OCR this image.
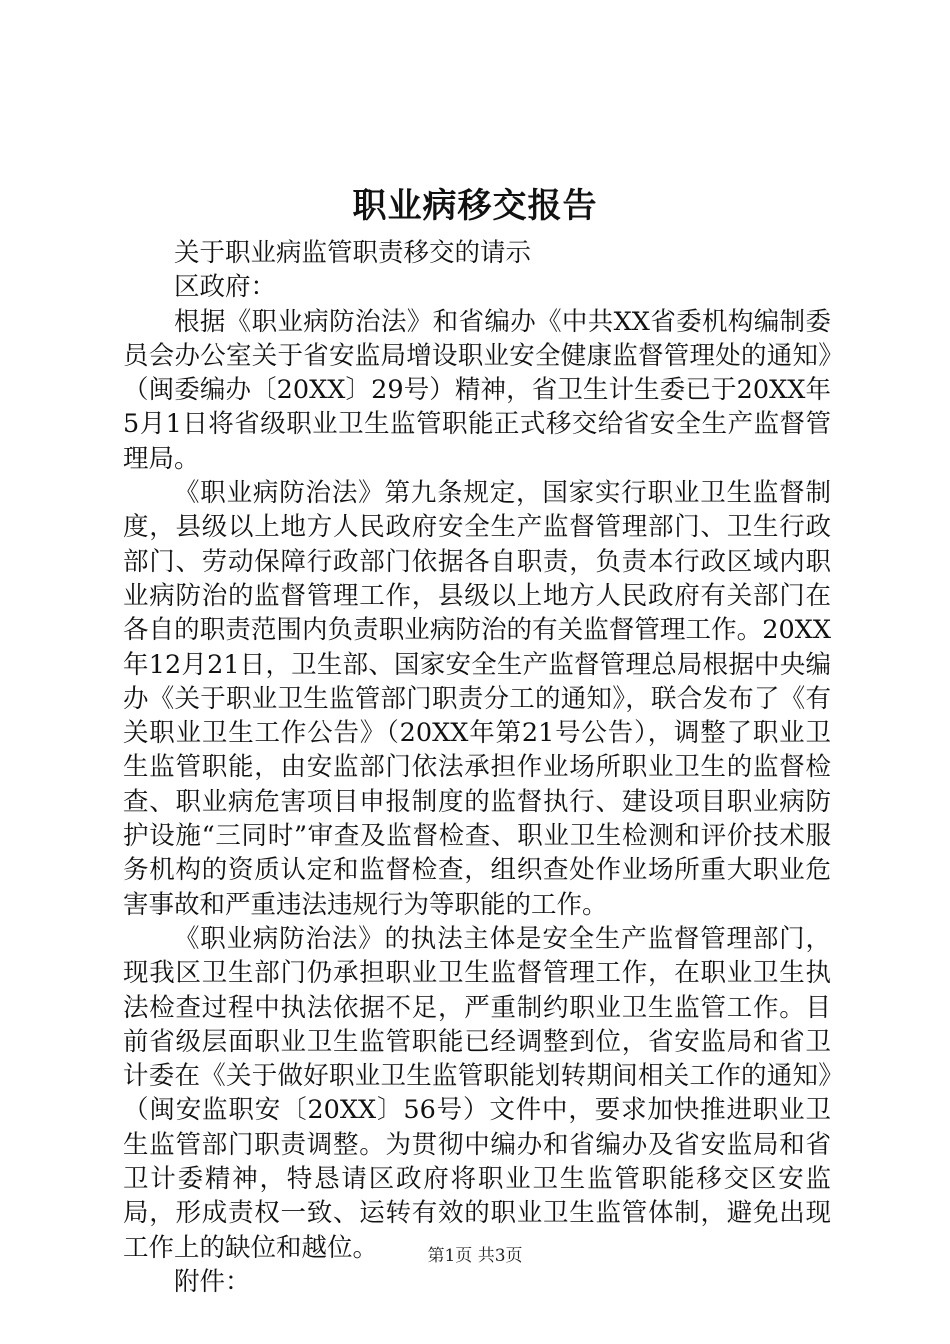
职业病移交报告

关于职业病监管职责移交的请示

区政府：

根据《职业病防治法》和省编办《中共XX省委机构编制委员会办公室关于省安监局增设职业安全健康监督管理处的通知》（闽委编办〔20XX〕29号）精神，省卫生计生委已于20XX年5月1日将省级职业卫生监管职能正式移交给省安全生产监督管理局。

《职业病防治法》第九条规定，国家实行职业卫生监督制度，县级以上地方人民政府安全生产监督管理部门、卫生行政部门、劳动保障行政部门依据各自职责，负责本行政区域内职业病防治的监督管理工作，县级以上地方人民政府有关部门在各自的职责范围内负责职业病防治的有关监督管理工作。20XX年12月21日，卫生部、国家安全生产监督管理总局根据中央编办《关于职业卫生监管部门职责分工的通知》，联合发布了《有关职业卫生工作公告》（20XX年第21号公告），调整了职业卫生监管职能，由安监部门依法承担作业场所职业卫生的监督检查、职业病危害项目申报制度的监督执行、建设项目职业病防护设施“三同时”审查及监督检查、职业卫生检测和评价技术服务机构的资质认定和监督检查，组织查处作业场所重大职业危害事故和严重违法违规行为等职能的工作。

《职业病防治法》的执法主体是安全生产监督管理部门，现我区卫生部门仍承担职业卫生监督管理工作，在职业卫生执法检查过程中执法依据不足，严重制约职业卫生监管工作。目前省级层面职业卫生监管职能已经调整到位，省安监局和省卫计委在《关于做好职业卫生监管职能划转期间相关工作的通知》（闽安监职安〔20XX〕56号）文件中，要求加快推进职业卫生监管部门职责调整。为贯彻中编办和省编办及省安监局和省卫计委精神，特恳请区政府将职业卫生监管职能移交区安监局，形成责权一致、运转有效的职业卫生监管体制，避免出现工作上的缺位和越位。

附件：

第1页 共3页
